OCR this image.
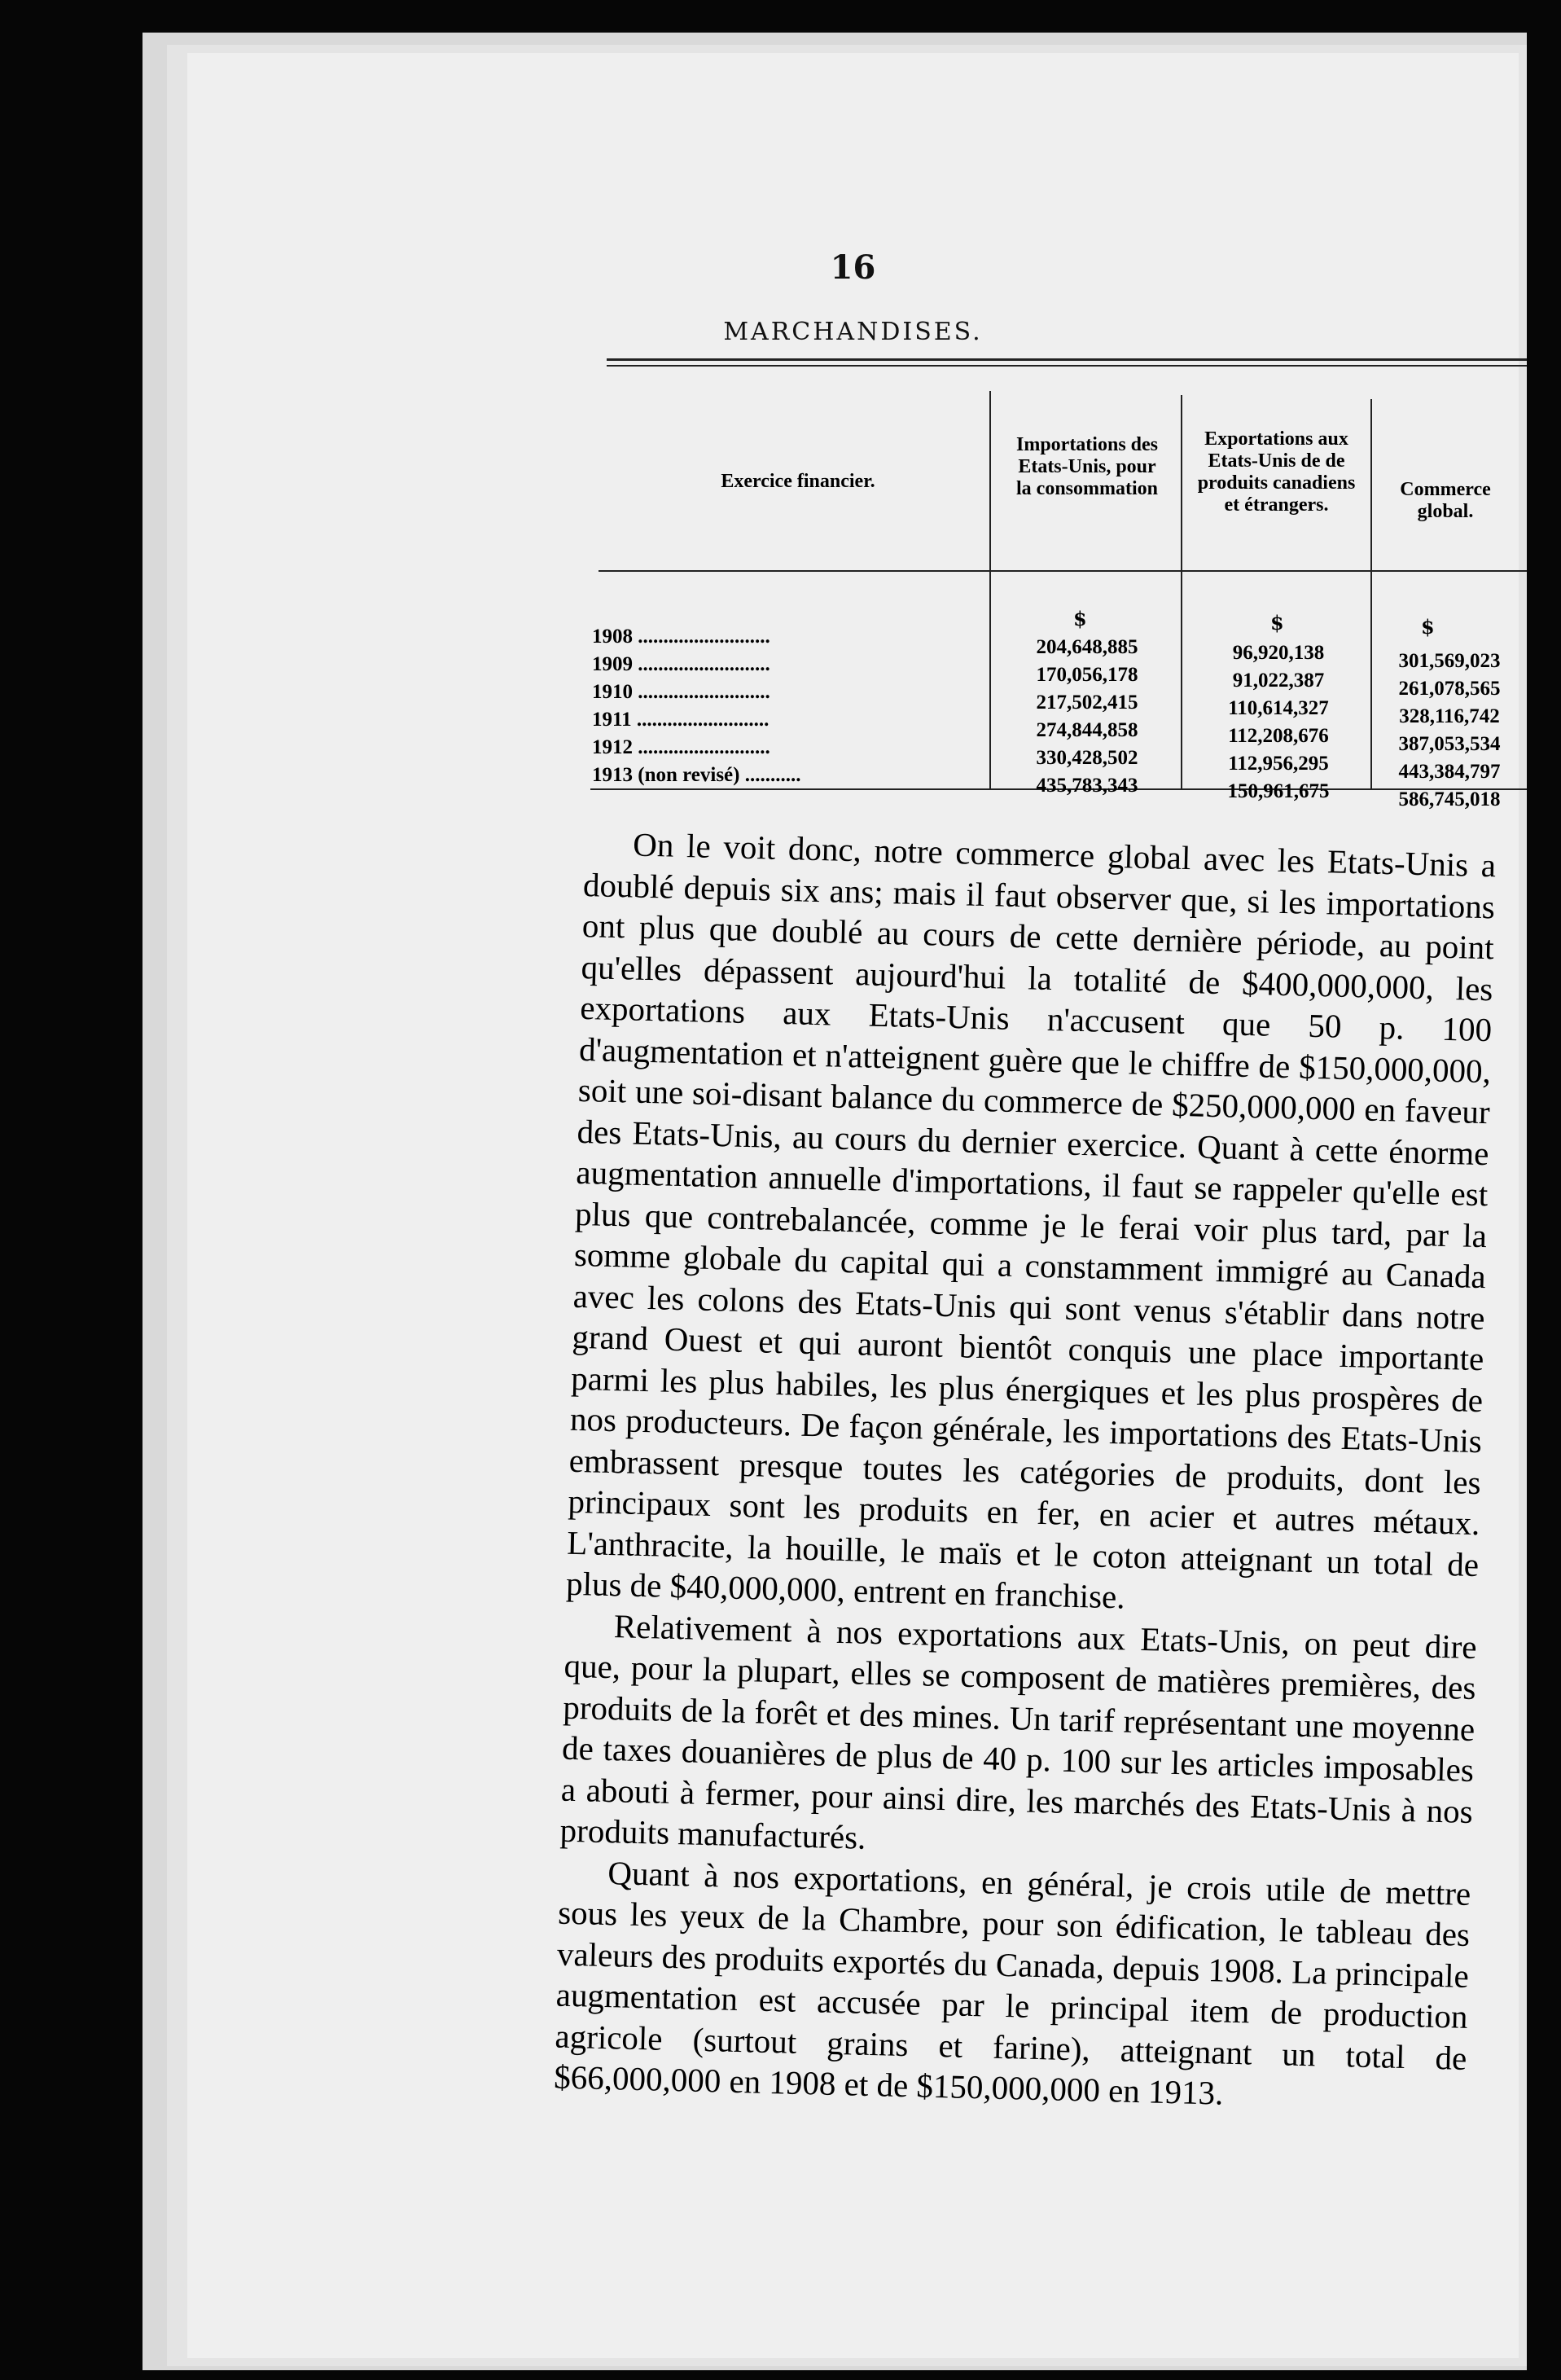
16
MARCHANDISES.
Exercice financier.
Importations des Etats-Unis, pour la consommation
Exportations aux Etats-Unis de de produits canadiens et étrangers.
Commerce global.
$	$	$
1908 ..........................
1909 ..........................
1910 ..........................
1911 ..........................
1912 ..........................
1913 (non revisé) ...........
204,648,885
170,056,178
217,502,415
274,844,858
330,428,502
435,783,343
96,920,138
91,022,387
110,614,327
112,208,676
112,956,295
150,961,675
301,569,023
261,078,565
328,116,742
387,053,534
443,384,797
586,745,018

On le voit donc, notre commerce global avec les Etats-Unis a doublé depuis six ans; mais il faut observer que, si les importations ont plus que doublé au cours de cette dernière période, au point qu'elles dépassent aujourd'hui la totalité de $400,000,000, les exportations aux Etats-Unis n'accusent que 50 p. 100 d'augmentation et n'atteignent guère que le chiffre de $150,000,000, soit une soi-disant balance du commerce de $250,000,000 en faveur des Etats-Unis, au cours du dernier exercice. Quant à cette énorme augmentation annuelle d'importations, il faut se rappeler qu'elle est plus que contrebalancée, comme je le ferai voir plus tard, par la somme globale du capital qui a constamment immigré au Canada avec les colons des Etats-Unis qui sont venus s'établir dans notre grand Ouest et qui auront bientôt conquis une place importante parmi les plus habiles, les plus énergiques et les plus prospères de nos producteurs. De façon générale, les importations des Etats-Unis embrassent presque toutes les catégories de produits, dont les principaux sont les produits en fer, en acier et autres métaux. L'anthracite, la houille, le maïs et le coton atteignant un total de plus de $40,000,000, entrent en franchise.

Relativement à nos exportations aux Etats-Unis, on peut dire que, pour la plupart, elles se composent de matières premières, des produits de la forêt et des mines. Un tarif représentant une moyenne de taxes douanières de plus de 40 p. 100 sur les articles imposables a abouti à fermer, pour ainsi dire, les marchés des Etats-Unis à nos produits manufacturés.

Quant à nos exportations, en général, je crois utile de mettre sous les yeux de la Chambre, pour son édification, le tableau des valeurs des produits exportés du Canada, depuis 1908. La principale augmentation est accusée par le principal item de production agricole (surtout grains et farine), atteignant un total de $66,000,000 en 1908 et de $150,000,000 en 1913.
